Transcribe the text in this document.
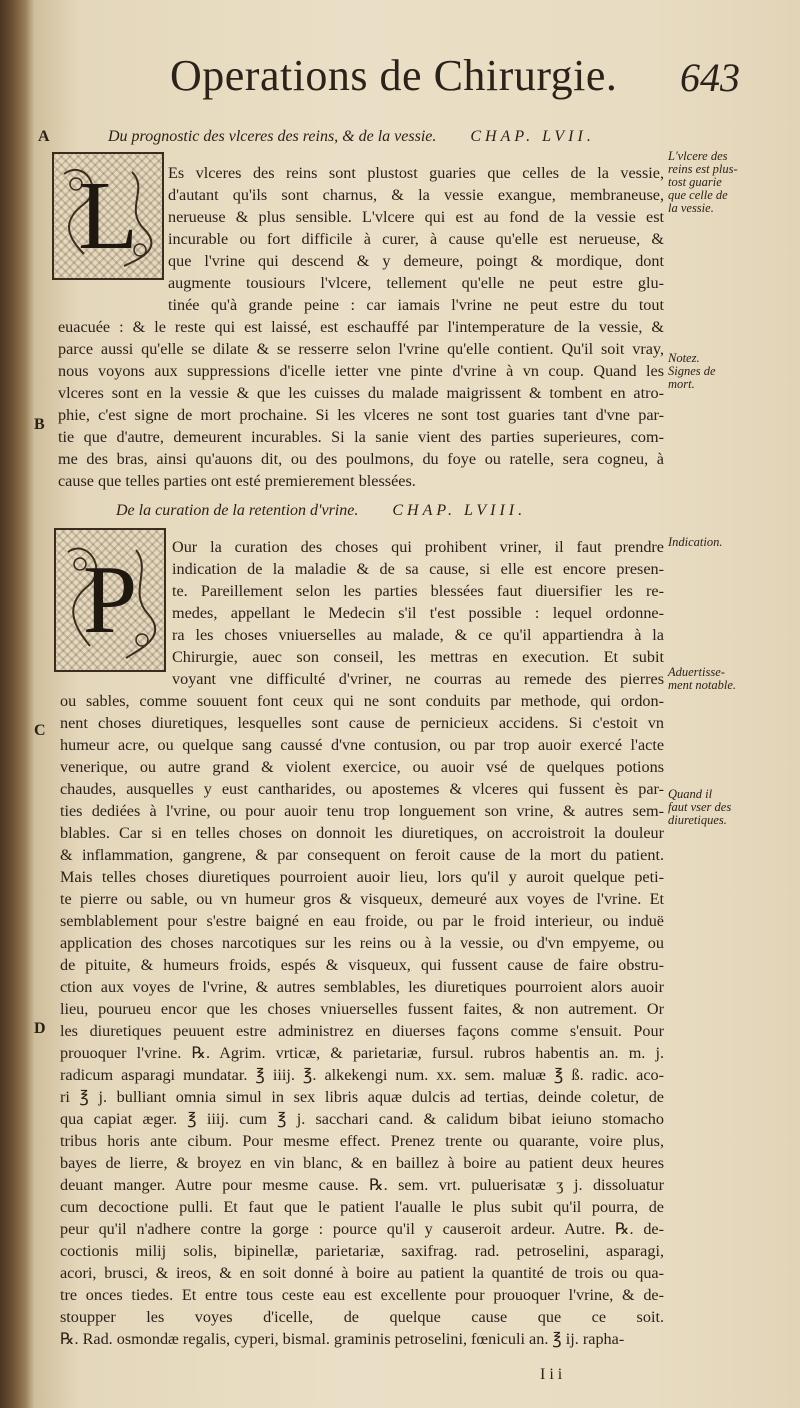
Operations de Chirurgie. 643
A
B
C
D
Du prognostic des vlceres des reins, & de la vessie. CHAP. LVII.
L
De la curation de la retention d'vrine. CHAP. LVIII.
P
Es vlceres des reins sont plustost guaries que celles de la vessie,
d'autant qu'ils sont charnus, & la vessie exangue, membraneuse,
nerueuse & plus sensible. L'vlcere qui est au fond de la vessie est
incurable ou fort difficile à curer, à cause qu'elle est nerueuse, &
que l'vrine qui descend & y demeure, poingt & mordique, dont
augmente tousiours l'vlcere, tellement qu'elle ne peut estre glu-
tinée qu'à grande peine : car iamais l'vrine ne peut estre du tout
euacuée : & le reste qui est laissé, est eschauffé par l'intemperature de la vessie, &
parce aussi qu'elle se dilate & se resserre selon l'vrine qu'elle contient. Qu'il soit vray,
nous voyons aux suppressions d'icelle ietter vne pinte d'vrine à vn coup. Quand les
vlceres sont en la vessie & que les cuisses du malade maigrissent & tombent en atro-
phie, c'est signe de mort prochaine. Si les vlceres ne sont tost guaries tant d'vne par-
tie que d'autre, demeurent incurables. Si la sanie vient des parties superieures, com-
me des bras, ainsi qu'auons dit, ou des poulmons, du foye ou ratelle, sera cogneu, à
cause que telles parties ont esté premierement blessées.
Our la curation des choses qui prohibent vriner, il faut prendre
indication de la maladie & de sa cause, si elle est encore presen-
te. Pareillement selon les parties blessées faut diuersifier les re-
medes, appellant le Medecin s'il t'est possible : lequel ordonne-
ra les choses vniuerselles au malade, & ce qu'il appartiendra à la
Chirurgie, auec son conseil, les mettras en execution. Et subit
voyant vne difficulté d'vriner, ne courras au remede des pierres
ou sables, comme souuent font ceux qui ne sont conduits par methode, qui ordon-
nent choses diuretiques, lesquelles sont cause de pernicieux accidens. Si c'estoit vn
humeur acre, ou quelque sang caussé d'vne contusion, ou par trop auoir exercé l'acte
venerique, ou autre grand & violent exercice, ou auoir vsé de quelques potions
chaudes, ausquelles y eust cantharides, ou apostemes & vlceres qui fussent ès par-
ties dediées à l'vrine, ou pour auoir tenu trop longuement son vrine, & autres sem-
blables. Car si en telles choses on donnoit les diuretiques, on accroistroit la douleur
& inflammation, gangrene, & par consequent on feroit cause de la mort du patient.
Mais telles choses diuretiques pourroient auoir lieu, lors qu'il y auroit quelque peti-
te pierre ou sable, ou vn humeur gros & visqueux, demeuré aux voyes de l'vrine. Et
semblablement pour s'estre baigné en eau froide, ou par le froid interieur, ou induë
application des choses narcotiques sur les reins ou à la vessie, ou d'vn empyeme, ou
de pituite, & humeurs froids, espés & visqueux, qui fussent cause de faire obstru-
ction aux voyes de l'vrine, & autres semblables, les diuretiques pourroient alors auoir
lieu, pourueu encor que les choses vniuerselles fussent faites, & non autrement. Or
les diuretiques peuuent estre administrez en diuerses façons comme s'ensuit. Pour
prouoquer l'vrine. ℞. Agrim. vrticæ, & parietariæ, fursul. rubros habentis an. m. j.
radicum asparagi mundatar. ℥ iiij. ℥. alkekengi num. xx. sem. maluæ ℥ ß. radic. aco-
ri ℥ j. bulliant omnia simul in sex libris aquæ dulcis ad tertias, deinde coletur, de
qua capiat æger. ℥ iiij. cum ℥ j. sacchari cand. & calidum bibat ieiuno stomacho
tribus horis ante cibum. Pour mesme effect. Prenez trente ou quarante, voire plus,
bayes de lierre, & broyez en vin blanc, & en baillez à boire au patient deux heures
deuant manger. Autre pour mesme cause. ℞. sem. vrt. puluerisatæ ʒ j. dissoluatur
cum decoctione pulli. Et faut que le patient l'aualle le plus subit qu'il pourra, de
peur qu'il n'adhere contre la gorge : pource qu'il y causeroit ardeur. Autre. ℞. de-
coctionis milij solis, bipinellæ, parietariæ, saxifrag. rad. petroselini, asparagi,
acori, brusci, & ireos, & en soit donné à boire au patient la quantité de trois ou qua-
tre onces tiedes. Et entre tous ceste eau est excellente pour prouoquer l'vrine, & de-
stoupper les voyes d'icelle, de quelque cause que ce soit.
℞. Rad. osmondæ regalis, cyperi, bismal. graminis petroselini, fœniculi an. ℥ ij. rapha-
L'vlcere des
reins est plus-
tost guarie
que celle de
la vessie.
Notez.
Signes de
mort.
Indication.
Aduertisse-
ment notable.
Quand il
faut vser des
diuretiques.
I i i
